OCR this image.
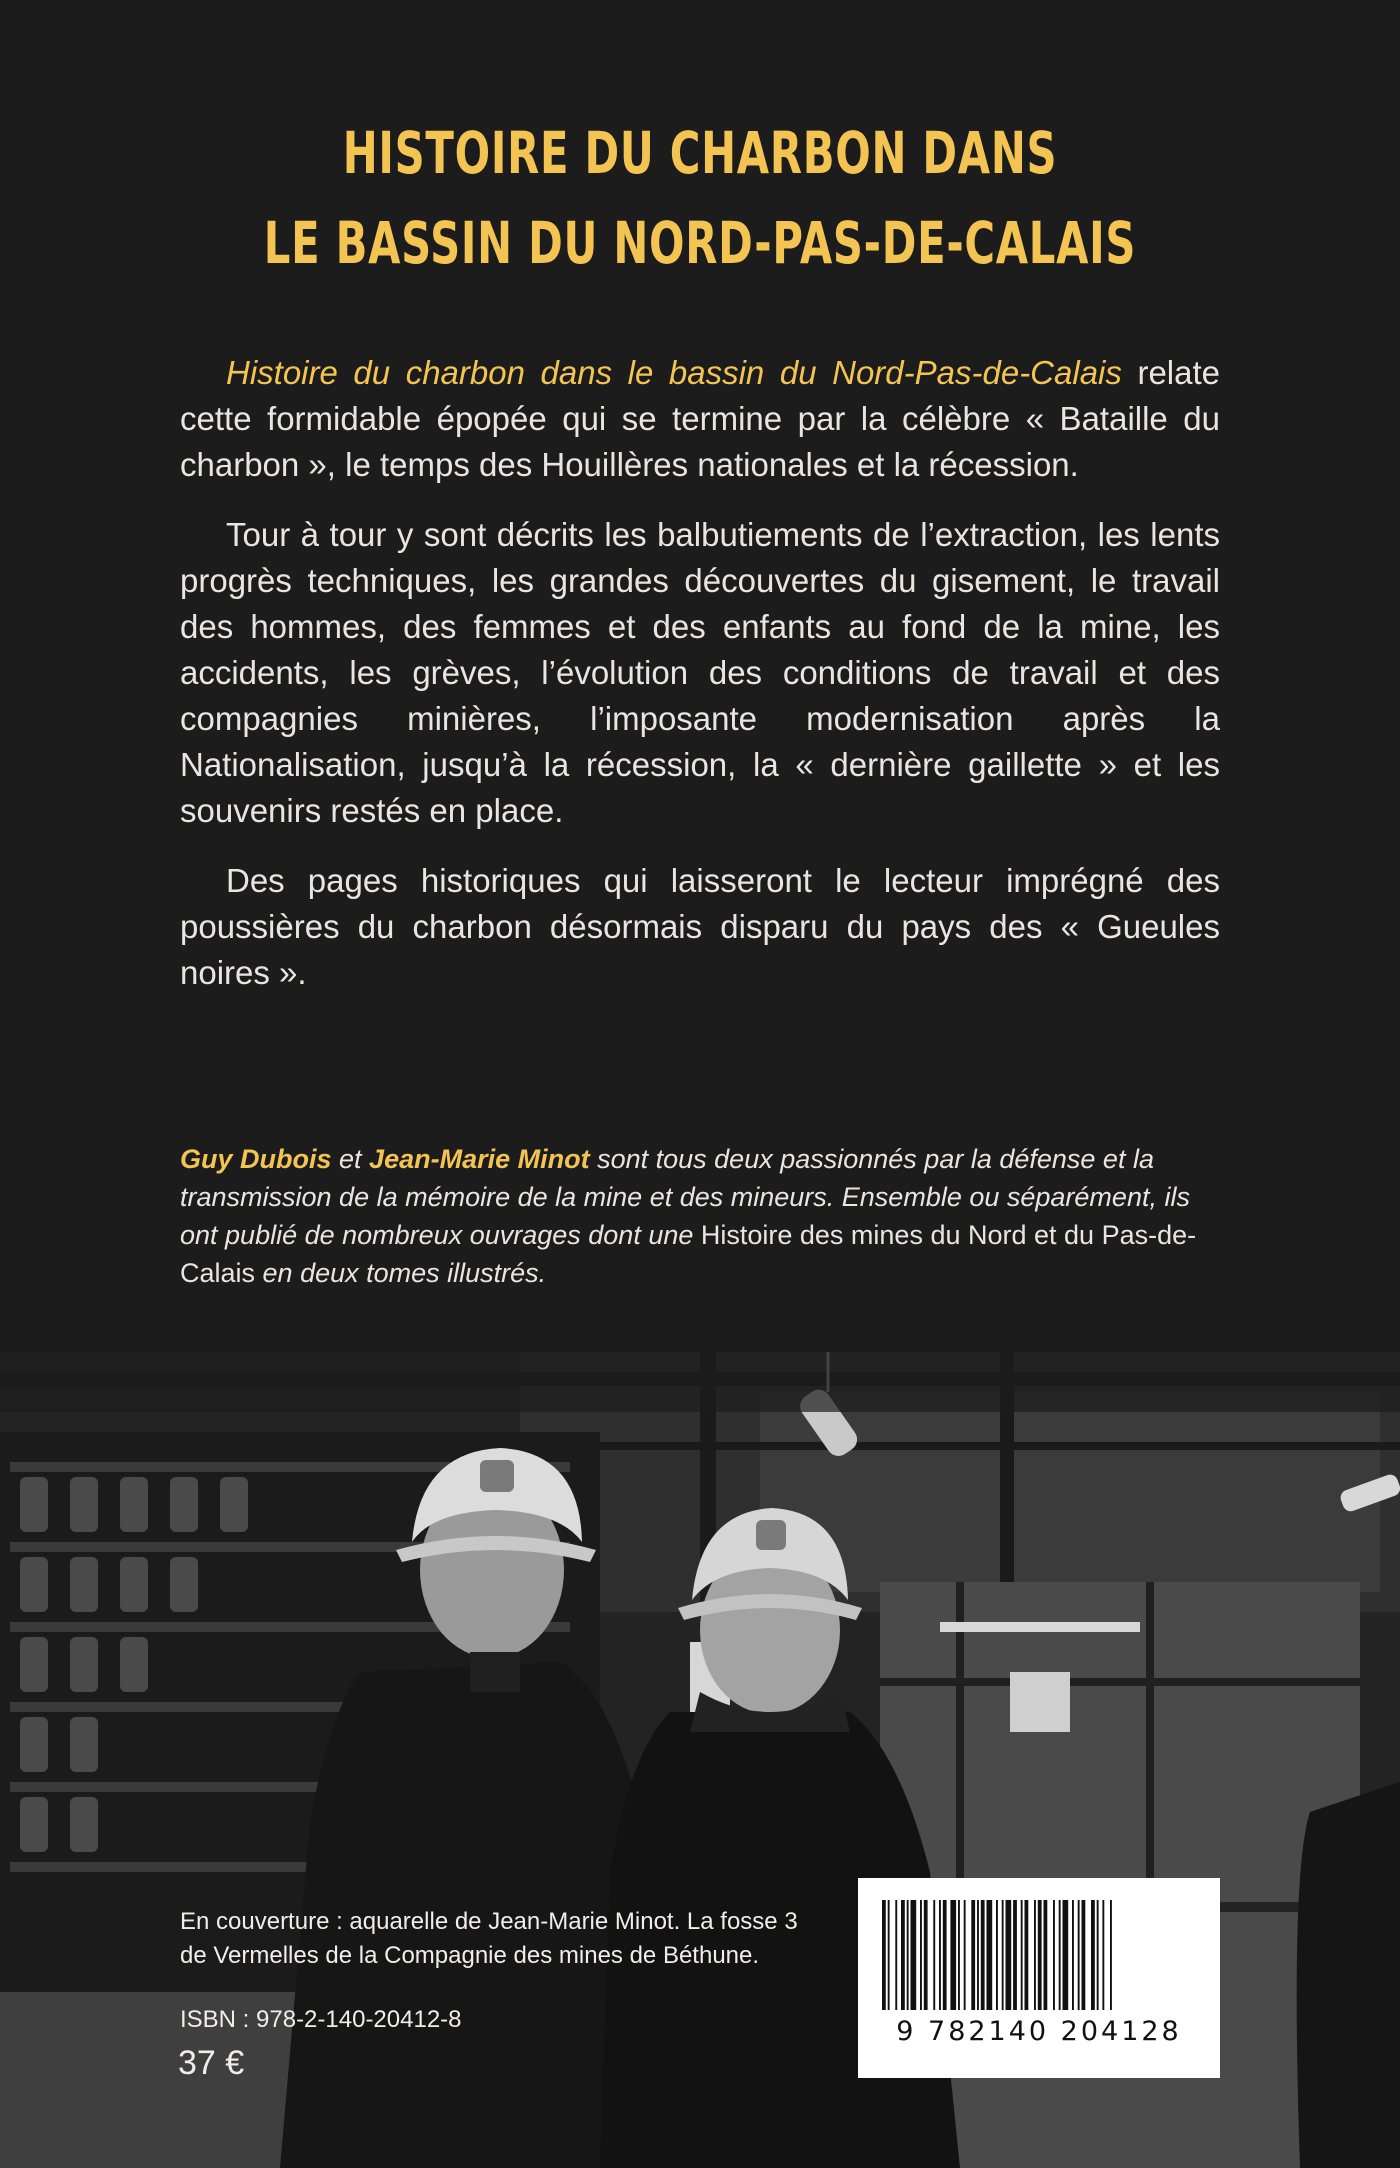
HISTOIRE DU CHARBON DANS
LE BASSIN DU NORD-PAS-DE-CALAIS

Histoire du charbon dans le bassin du Nord-Pas-de-Calais relate cette formidable épopée qui se termine par la célèbre « Bataille du charbon », le temps des Houillères nationales et la récession.

Tour à tour y sont décrits les balbutiements de l’extraction, les lents progrès techniques, les grandes découvertes du gisement, le travail des hommes, des femmes et des enfants au fond de la mine, les accidents, les grèves, l’évolution des conditions de travail et des compagnies minières, l’imposante modernisation après la Nationalisation, jusqu’à la récession, la « dernière gaillette » et les souvenirs restés en place.

Des pages historiques qui laisseront le lecteur imprégné des poussières du charbon désormais disparu du pays des « Gueules noires ».

Guy Dubois et Jean-Marie Minot sont tous deux passionnés par la défense et la transmission de la mémoire de la mine et des mineurs. Ensemble ou séparément, ils ont publié de nombreux ouvrages dont une Histoire des mines du Nord et du Pas-de-Calais en deux tomes illustrés.
En couverture : aquarelle de Jean-Marie Minot. La fosse 3 de Vermelles de la Compagnie des mines de Béthune.
ISBN : 978-2-140-20412-8
37 €
9 782140 204128
